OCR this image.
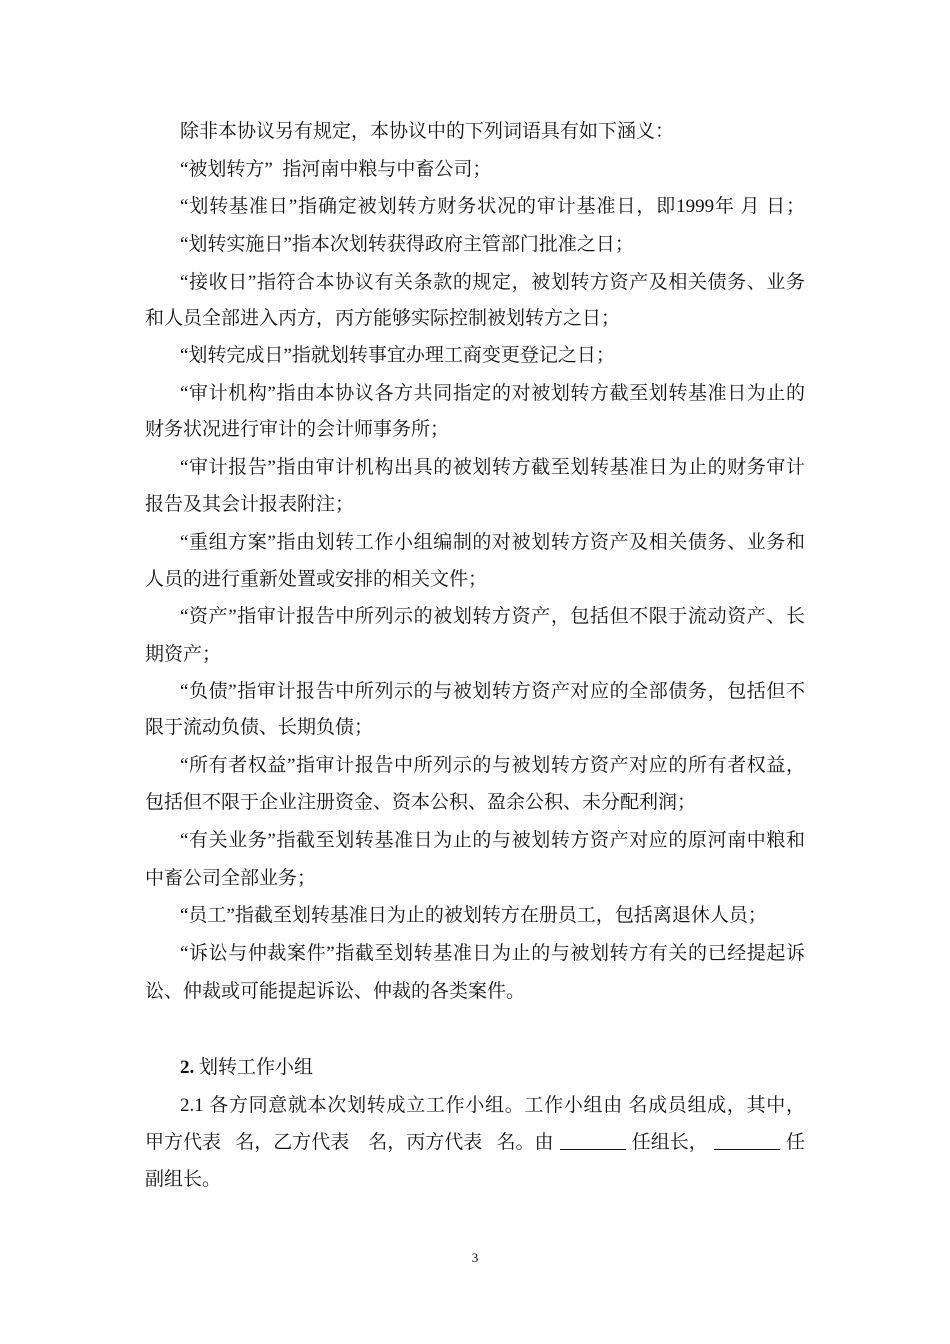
除非本协议另有规定，本协议中的下列词语具有如下涵义：
“被划转方”  指河南中粮与中畜公司；
“划转基准日”指确定被划转方财务状况的审计基准日，即1999年 月 日；
“划转实施日”指本次划转获得政府主管部门批准之日；
“接收日”指符合本协议有关条款的规定，被划转方资产及相关债务、业务
和人员全部进入丙方，丙方能够实际控制被划转方之日；
“划转完成日”指就划转事宜办理工商变更登记之日；
“审计机构”指由本协议各方共同指定的对被划转方截至划转基准日为止的
财务状况进行审计的会计师事务所；
“审计报告”指由审计机构出具的被划转方截至划转基准日为止的财务审计
报告及其会计报表附注；
“重组方案”指由划转工作小组编制的对被划转方资产及相关债务、业务和
人员的进行重新处置或安排的相关文件；
“资产”指审计报告中所列示的被划转方资产，包括但不限于流动资产、长
期资产；
“负债”指审计报告中所列示的与被划转方资产对应的全部债务，包括但不
限于流动负债、长期负债；
“所有者权益”指审计报告中所列示的与被划转方资产对应的所有者权益，
包括但不限于企业注册资金、资本公积、盈余公积、未分配利润；
“有关业务”指截至划转基准日为止的与被划转方资产对应的原河南中粮和
中畜公司全部业务；
“员工”指截至划转基准日为止的被划转方在册员工，包括离退休人员；
“诉讼与仲裁案件”指截至划转基准日为止的与被划转方有关的已经提起诉
讼、仲裁或可能提起诉讼、仲裁的各类案件。
2. 划转工作小组
2.1 各方同意就本次划转成立工作小组。工作小组由 名成员组成，其中，
甲方代表   名，乙方代表    名，丙方代表   名。由	任组长，	任
副组长。
3
